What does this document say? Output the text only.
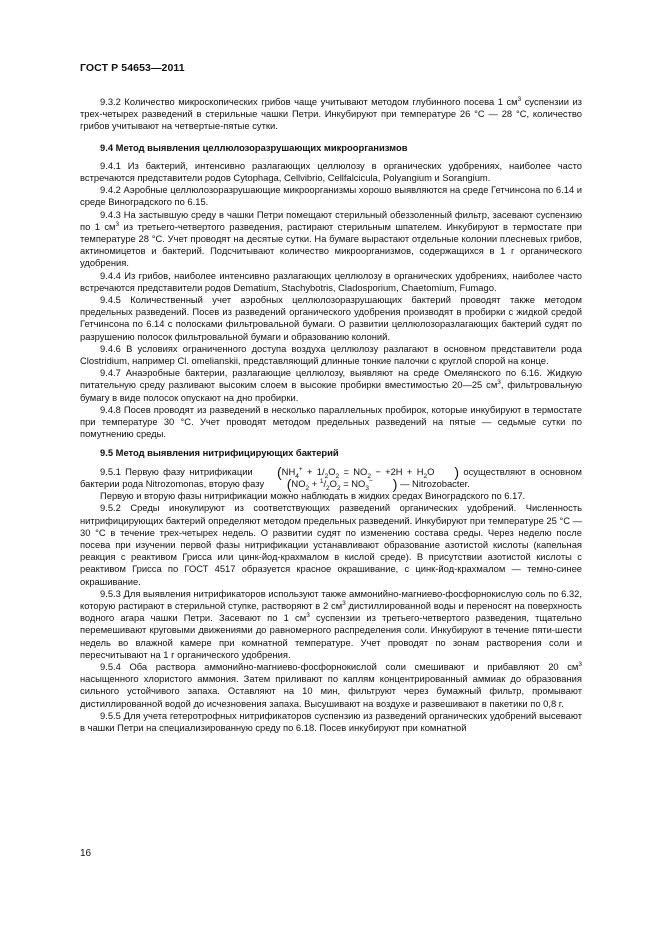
ГОСТ Р 54653—2011

9.3.2 Количество микроскопических грибов чаще учитывают методом глубинного посева 1 $см^3$ суспензии из трех-четырех разведений в стерильные чашки Петри. Инкубируют при температуре 26 °С — 28 °С, количество грибов учитывают на четвертые-пятые сутки.

9.4 Метод выявления целлюлозоразрушающих микроорганизмов

9.4.1 Из бактерий, интенсивно разлагающих целлюлозу в органических удобрениях, наиболее часто встречаются представители родов Cytophaga, Cellvibrio, Cellfalcicula, Polyangium и Sorangium.

9.4.2 Аэробные целлюлозоразрушающие микроорганизмы хорошо выявляются на среде Гетчинсона по 6.14 и среде Виноградского по 6.15.

9.4.3 На застывшую среду в чашки Петри помещают стерильный обеззоленный фильтр, засевают суспензию по 1 $см^3$ из третьего-четвертого разведения, растирают стерильным шпателем. Инкубируют в термостате при температуре 28 °С. Учет проводят на десятые сутки. На бумаге вырастают отдельные колонии плесневых грибов, актиномицетов и бактерий. Подсчитывают количество микроорганизмов, содержащихся в 1 г органического удобрения.

9.4.4 Из грибов, наиболее интенсивно разлагающих целлюлозу в органических удобрениях, наиболее часто встречаются представители родов Dematium, Stachybotris, Cladosporium, Chaetomium, Fumago.

9.4.5 Количественный учет аэробных целлюлозоразрушающих бактерий проводят также методом предельных разведений. Посев из разведений органического удобрения производят в пробирки с жидкой средой Гетчинсона по 6.14 с полосками фильтровальной бумаги. О развитии целлюлозоразлагающих бактерий судят по разрушению полосок фильтровальной бумаги и образованию колоний.

9.4.6 В условиях ограниченного доступа воздуха целлюлозу разлагают в основном представители рода Clostridium, например Cl. omelianskii, представляющий длинные тонкие палочки с круглой спорой на конце.

9.4.7 Анаэробные бактерии, разлагающие целлюлозу, выявляют на среде Омелянского по 6.16. Жидкую питательную среду разливают высоким слоем в высокие пробирки вместимостью 20—25 $см^3$, фильтровальную бумагу в виде полосок опускают на дно пробирки.

9.4.8 Посев проводят из разведений в несколько параллельных пробирок, которые инкубируют в термостате при температуре 30 °С. Учет проводят методом предельных разведений на пятые — седьмые сутки по помутнению среды.

9.5 Метод выявления нитрифицирующих бактерий

9.5.1 Первую фазу нитрификации ($NH_4^+ + 1/_2O_2 = NO_2 - +2H + H_2O$ ) осуществляют в основном бактерии рода Nitrozomonas, вторую фазу ($NO_2 + ^1/_2O_2 = NO_3^-$ ) — Nitrozobacter.

Первую и вторую фазы нитрификации можно наблюдать в жидких средах Виноградского по 6.17.

9.5.2 Среды инокулируют из соответствующих разведений органических удобрений. Численность нитрифицирующих бактерий определяют методом предельных разведений. Инкубируют при температуре 25 °С — 30 °С в течение трех-четырех недель. О развитии судят по изменению состава среды. Через неделю после посева при изучении первой фазы нитрификации устанавливают образование азотистой кислоты (капельная реакция с реактивом Грисса или цинк-йод-крахмалом в кислой среде). В присутствии азотистой кислоты с реактивом Грисса по ГОСТ 4517 образуется красное окрашивание, с цинк-йод-крахмалом — темно-синее окрашивание.

9.5.3 Для выявления нитрификаторов используют также аммонийно-магниево-фосфорнокислую соль по 6.32, которую растирают в стерильной ступке, растворяют в 2 $см^3$ дистиллированной воды и переносят на поверхность водного агара чашки Петри. Засевают по 1 $см^3$ суспензии из третьего-четвертого разведения, тщательно перемешивают круговыми движениями до равномерного распределения соли. Инкубируют в течение пяти-шести недель во влажной камере при комнатной температуре. Учет проводят по зонам растворения соли и пересчитывают на 1 г органического удобрения.

9.5.4 Оба раствора аммонийно-магниево-фосфорнокислой соли смешивают и прибавляют 20 $см^3$ насыщенного хлористого аммония. Затем приливают по каплям концентрированный аммиак до образования сильного устойчивого запаха. Оставляют на 10 мин, фильтруют через бумажный фильтр, промывают дистиллированной водой до исчезновения запаха. Высушивают на воздухе и развешивают в пакетики по 0,8 г.

9.5.5 Для учета гетеротрофных нитрификаторов суспензию из разведений органических удобрений высевают в чашки Петри на специализированную среду по 6.18. Посев инкубируют при комнатной

16
